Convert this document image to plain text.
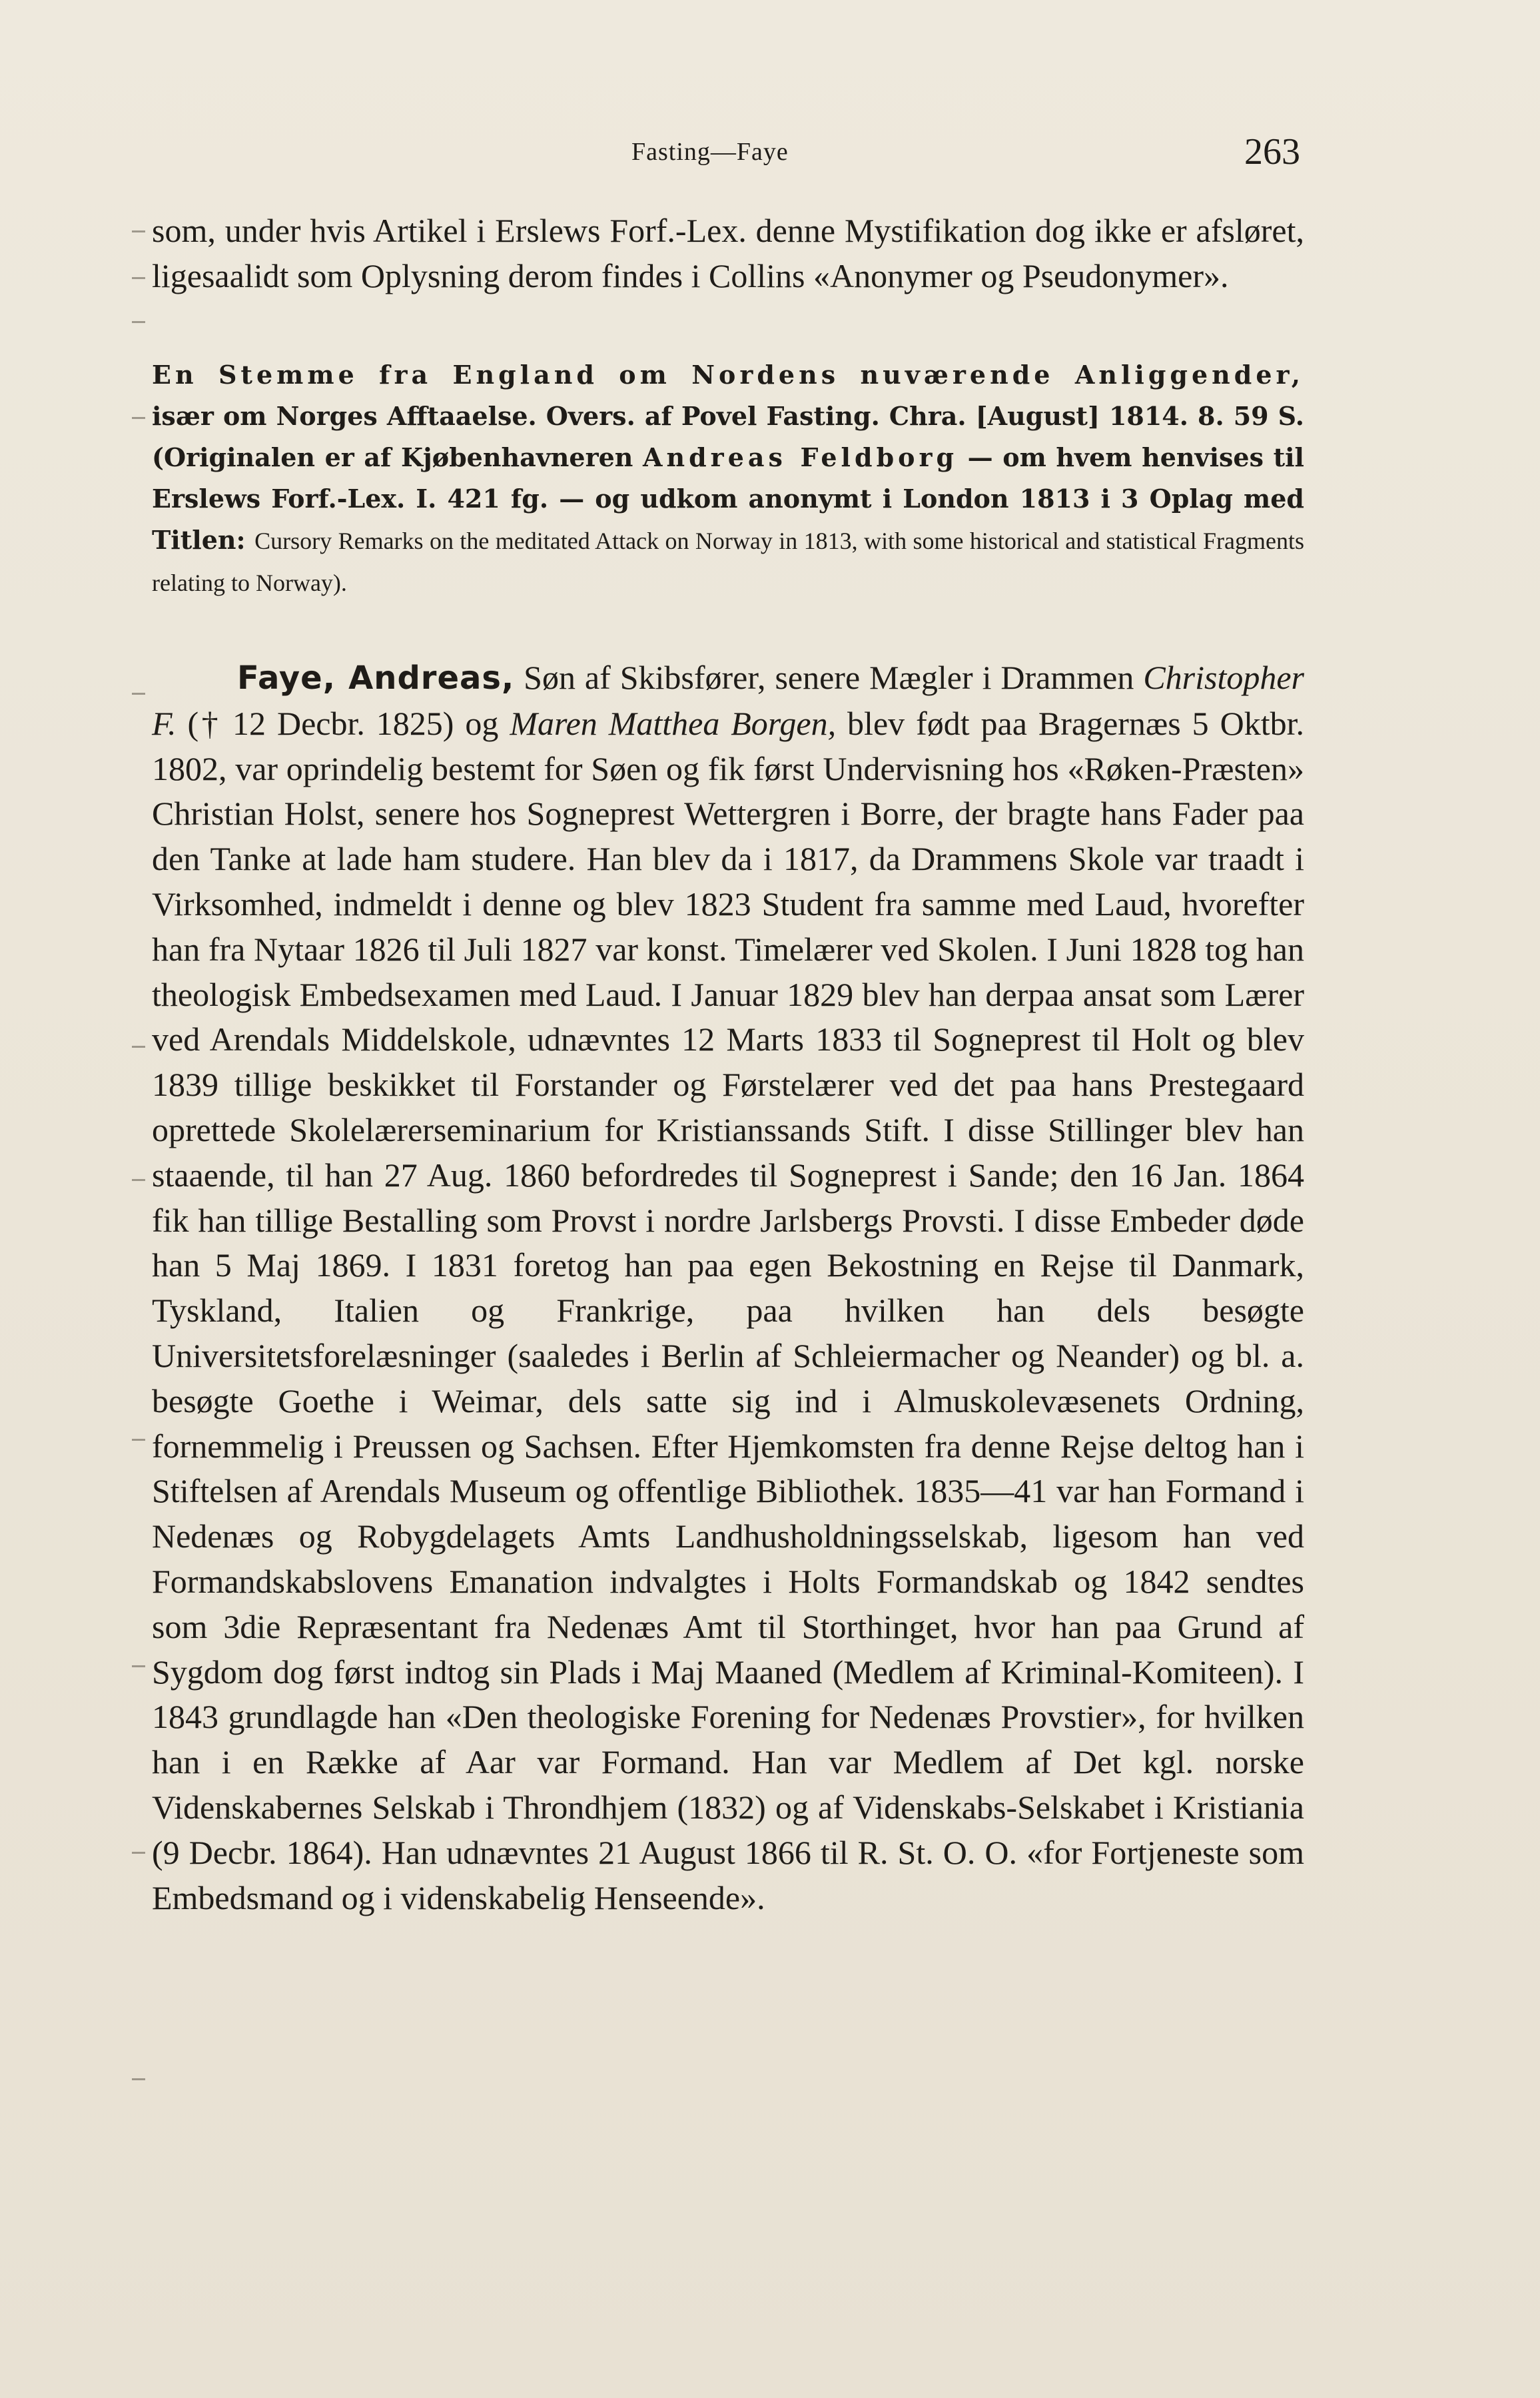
Fasting—Faye	263

som, under hvis Artikel i Erslews Forf.-Lex. denne Mystifikation dog ikke er afsløret, ligesaalidt som Oplysning derom findes i Collins «Anonymer og Pseudonymer».

En Stemme fra England om Nordens nuværende Anliggender, især om Norges Afftaaelse. Overs. af Povel Fasting. Chra. [August] 1814. 8. 59 S. (Originalen er af Kjøbenhavneren Andreas Feldborg — om hvem henvises til Erslews Forf.-Lex. I. 421 fg. — og udkom anonymt i London 1813 i 3 Oplag med Titlen: Cursory Remarks on the meditated Attack on Norway in 1813, with some historical and statistical Fragments relating to Norway).

Faye, Andreas, Søn af Skibsfører, senere Mægler i Drammen Christopher F. († 12 Decbr. 1825) og Maren Matthea Borgen, blev født paa Bragernæs 5 Oktbr. 1802, var oprindelig bestemt for Søen og fik først Undervisning hos «Røken-Præsten» Christian Holst, senere hos Sogneprest Wettergren i Borre, der bragte hans Fader paa den Tanke at lade ham studere. Han blev da i 1817, da Drammens Skole var traadt i Virksomhed, indmeldt i denne og blev 1823 Student fra samme med Laud, hvorefter han fra Nytaar 1826 til Juli 1827 var konst. Timelærer ved Skolen. I Juni 1828 tog han theologisk Embedsexamen med Laud. I Januar 1829 blev han derpaa ansat som Lærer ved Arendals Middelskole, udnævntes 12 Marts 1833 til Sogneprest til Holt og blev 1839 tillige beskikket til Forstander og Førstelærer ved det paa hans Prestegaard oprettede Skolelærerseminarium for Kristianssands Stift. I disse Stillinger blev han staaende, til han 27 Aug. 1860 befordredes til Sogneprest i Sande; den 16 Jan. 1864 fik han tillige Bestalling som Provst i nordre Jarlsbergs Provsti. I disse Embeder døde han 5 Maj 1869. I 1831 foretog han paa egen Bekostning en Rejse til Danmark, Tyskland, Italien og Frankrige, paa hvilken han dels besøgte Universitetsforelæsninger (saaledes i Berlin af Schleiermacher og Neander) og bl. a. besøgte Goethe i Weimar, dels satte sig ind i Almuskolevæsenets Ordning, fornemmelig i Preussen og Sachsen. Efter Hjemkomsten fra denne Rejse deltog han i Stiftelsen af Arendals Museum og offentlige Bibliothek. 1835—41 var han Formand i Nedenæs og Robygdelagets Amts Landhusholdningsselskab, ligesom han ved Formandskabslovens Emanation indvalgtes i Holts Formandskab og 1842 sendtes som 3die Repræsentant fra Nedenæs Amt til Storthinget, hvor han paa Grund af Sygdom dog først indtog sin Plads i Maj Maaned (Medlem af Kriminal-Komiteen). I 1843 grundlagde han «Den theologiske Forening for Nedenæs Provstier», for hvilken han i en Række af Aar var Formand. Han var Medlem af Det kgl. norske Videnskabernes Selskab i Throndhjem (1832) og af Videnskabs-Selskabet i Kristiania (9 Decbr. 1864). Han udnævntes 21 August 1866 til R. St. O. O. «for Fortjeneste som Embedsmand og i videnskabelig Henseende».
